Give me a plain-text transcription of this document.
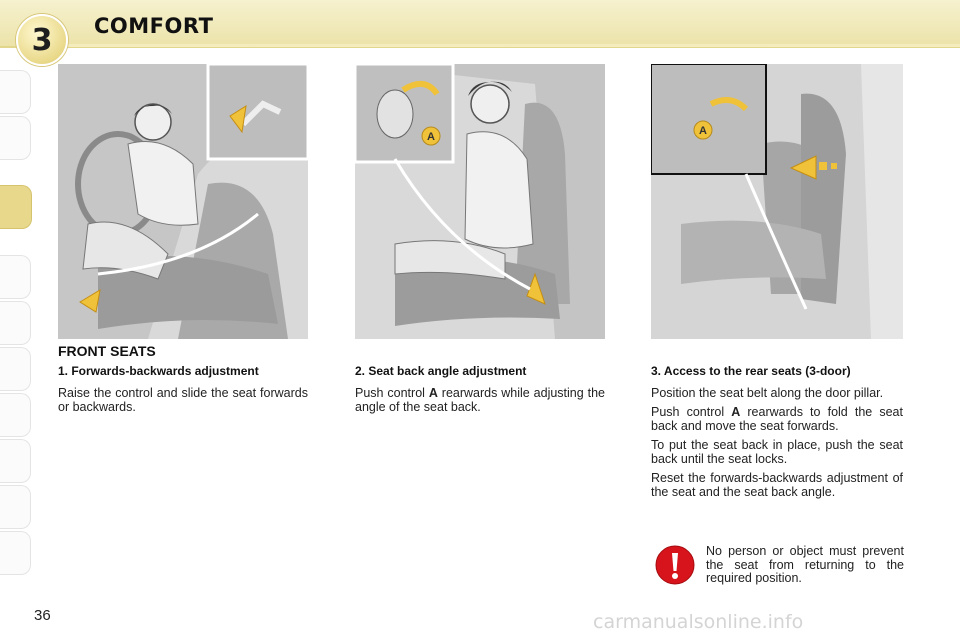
3 COMFORT
A	A
FRONT SEATS
1. Forwards-backwards adjustment

Raise the control and slide the seat forwards or backwards.

2. Seat back angle adjustment

Push control A rearwards while adjusting the angle of the seat back.

3. Access to the rear seats (3-door)

Position the seat belt along the door pillar.

Push control A rearwards to fold the seat back and move the seat forwards.

To put the seat back in place, push the seat back until the seat locks.

Reset the forwards-backwards adjustment of the seat and the seat back angle.

No person or object must prevent the seat from returning to the required position.
36	carmanualsonline.info
